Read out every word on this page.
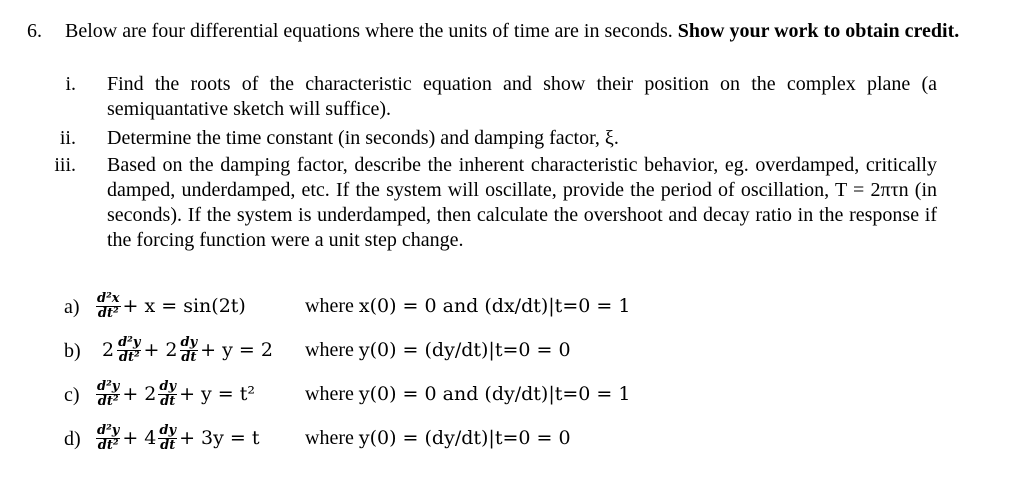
6. Below are four differential equations where the units of time are in seconds. Show your work to obtain credit.
i. Find the roots of the characteristic equation and show their position on the complex plane (a semiquantative sketch will suffice).
ii. Determine the time constant (in seconds) and damping factor, ξ.
iii. Based on the damping factor, describe the inherent characteristic behavior, eg. overdamped, critically damped, underdamped, etc. If the system will oscillate, provide the period of oscillation, T = 2πτn (in seconds). If the system is underdamped, then calculate the overshoot and decay ratio in the response if the forcing function were a unit step change.
$a) \frac{\text{d²x}}{\text{dt²}} + x = \sin(2t)$	where x(0) = 0 and (dx/dt)|t=0 = 1
b) $2 \frac{\text{d²y}}{\text{dt²}} + 2 \frac{dy}{dt} + y = 2$ where y(0) = (dy/dt)|t=0 = 0
$c) \frac{\text{d²y}}{\text{dt²}} + 2 \frac{dy}{dt} + y = t^2$ where y(0) = 0 and (dy/dt)|t=0 = 1
$d) \frac{\text{d²y}}{\text{dt²}} + 4 \frac{dy}{dt} + 3y = t$ where y(0) = (dy/dt)|t=0 = 0
